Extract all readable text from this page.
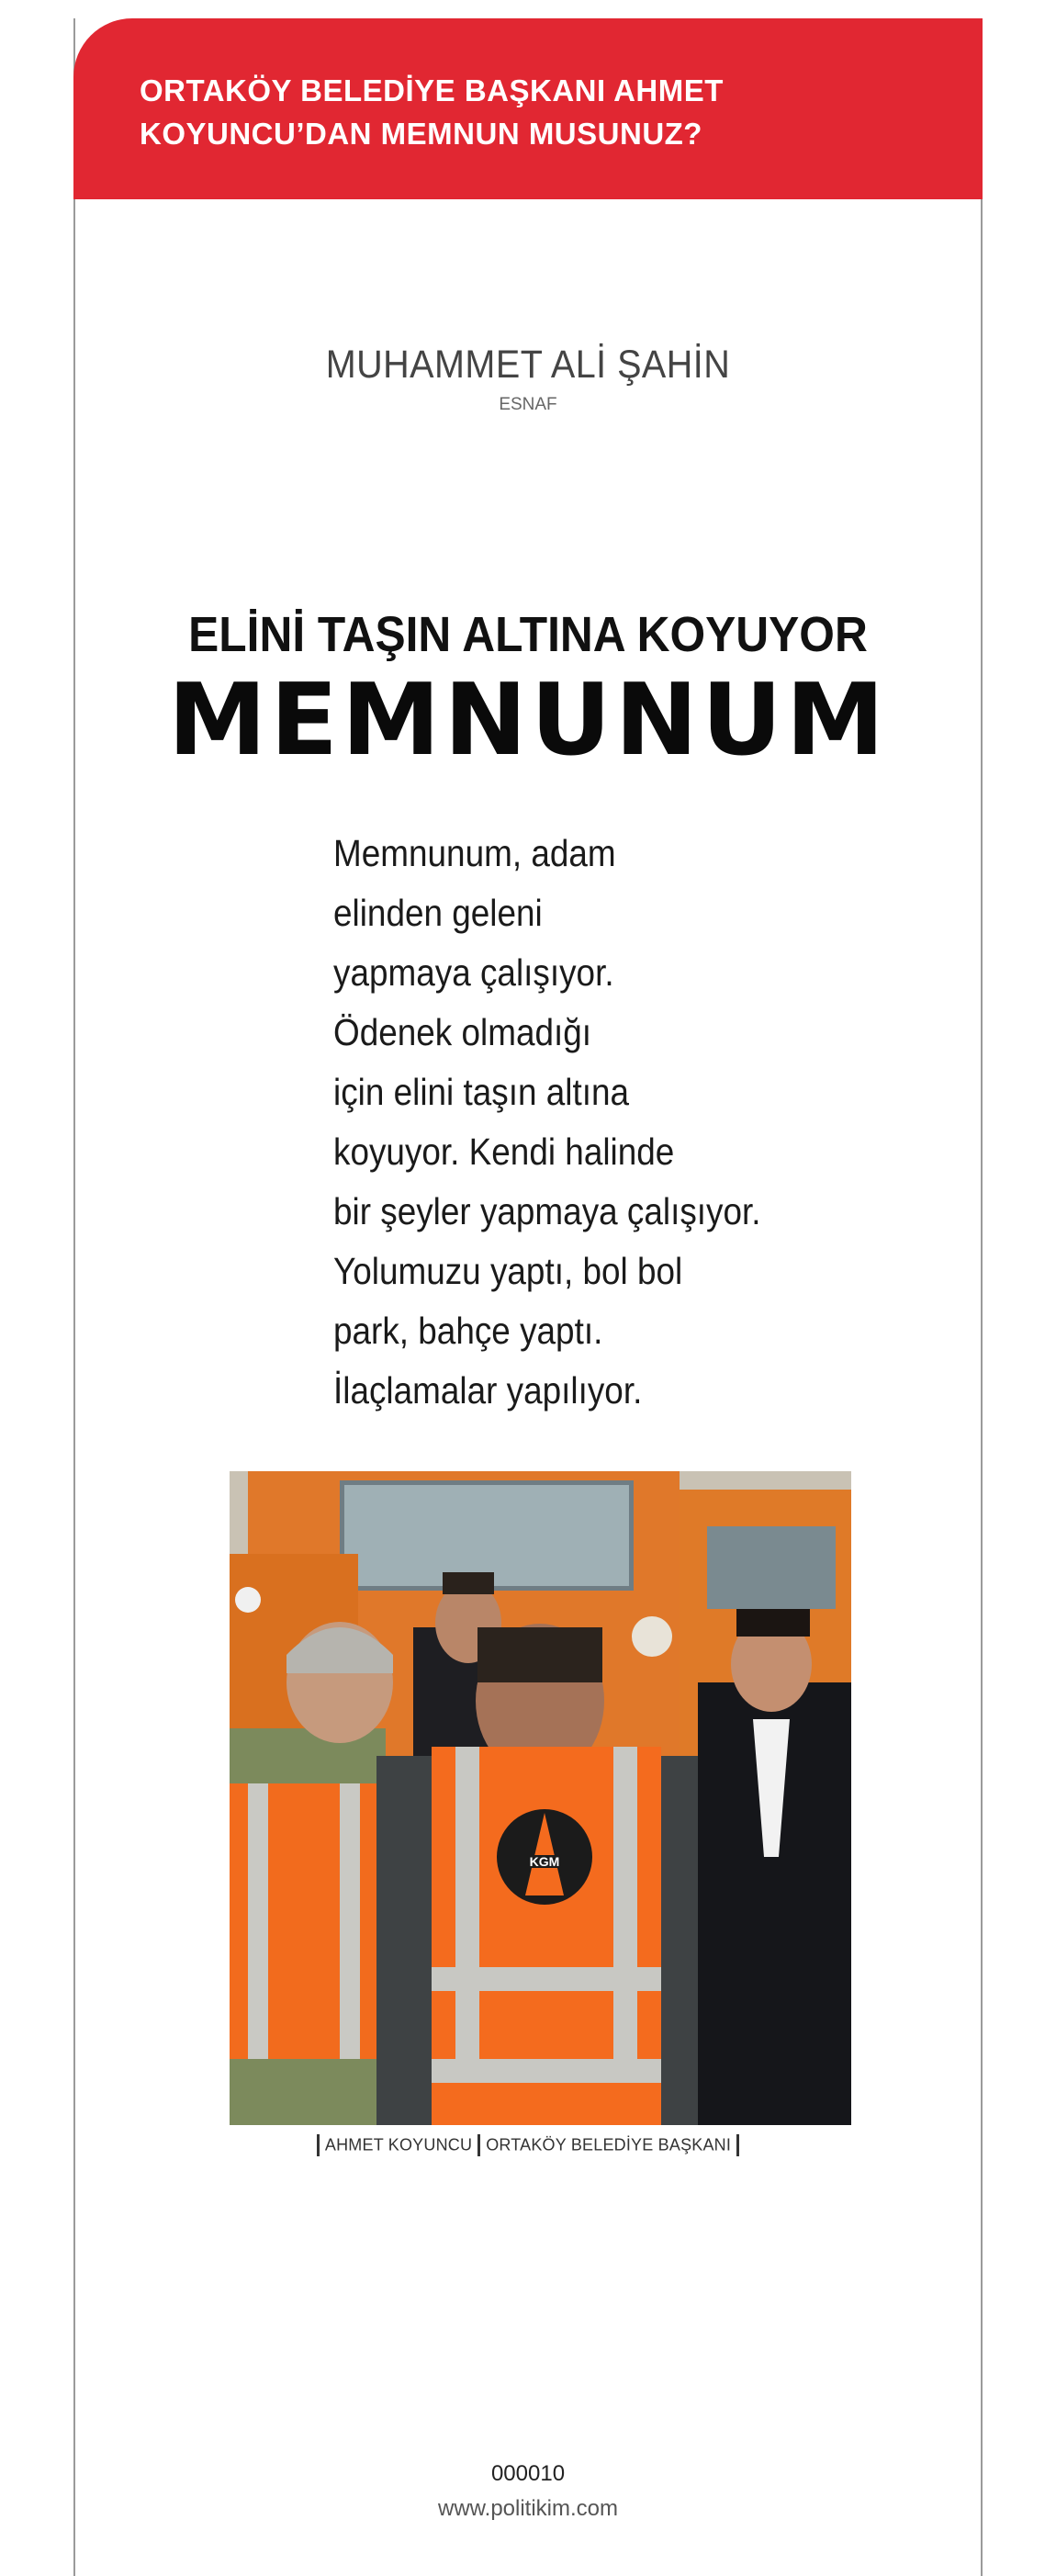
ORTAKÖY BELEDİYE BAŞKANI AHMET KOYUNCU’DAN MEMNUN MUSUNUZ?

MUHAMMET ALİ ŞAHİN
ESNAF
ELİNİ TAŞIN ALTINA KOYUYOR
MEMNUNUM
Memnunum, adam
elinden geleni
yapmaya çalışıyor.
Ödenek olmadığı
için elini taşın altına
koyuyor. Kendi halinde
bir şeyler yapmaya çalışıyor.
Yolumuzu yaptı, bol bol
park, bahçe yaptı.
İlaçlamalar yapılıyor.
KGM
AHMET KOYUNCU ORTAKÖY BELEDİYE BAŞKANI
000010
www.politikim.com
